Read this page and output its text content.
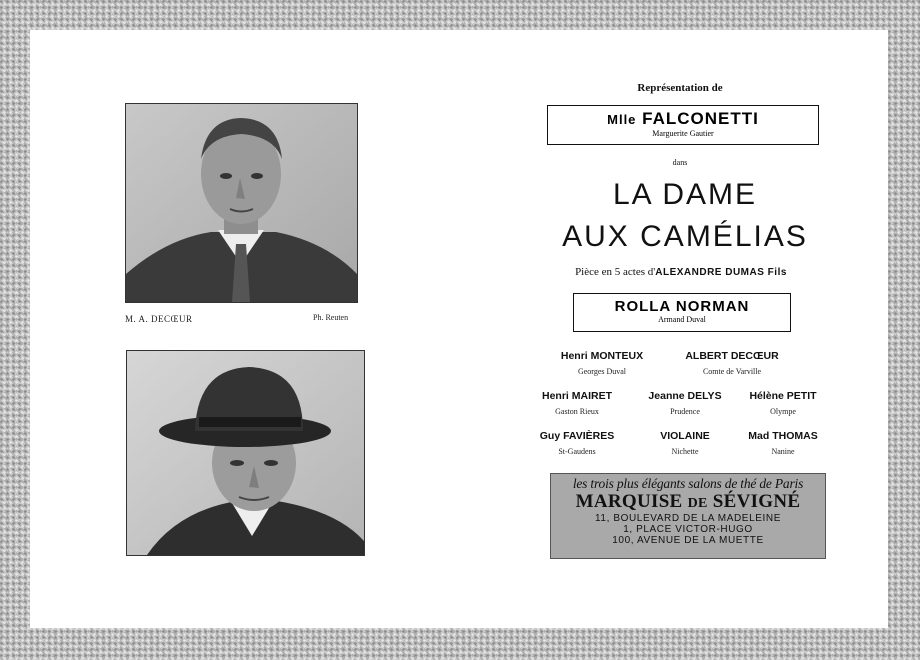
M. A. DECŒUR	Ph. Reuten
Représentation de
Mlle FALCONETTI
Marguerite Gautier
dans
LA DAME
AUX CAMÉLIAS
Pièce en 5 actes d'ALEXANDRE DUMAS Fils
ROLLA NORMAN
Armand Duval
Henri MONTEUX
Georges Duval
ALBERT DECŒUR
Comte de Varville
Henri MAIRET
Gaston Rieux
Jeanne DELYS
Prudence
Hélène PETIT
Olympe
Guy FAVIÈRES
St-Gaudens
VIOLAINE
Nichette
Mad THOMAS
Nanine
les trois plus élégants salons de thé de Paris
MARQUISE DE SÉVIGNÉ
11, BOULEVARD DE LA MADELEINE
1, PLACE VICTOR-HUGO
100, AVENUE DE LA MUETTE
